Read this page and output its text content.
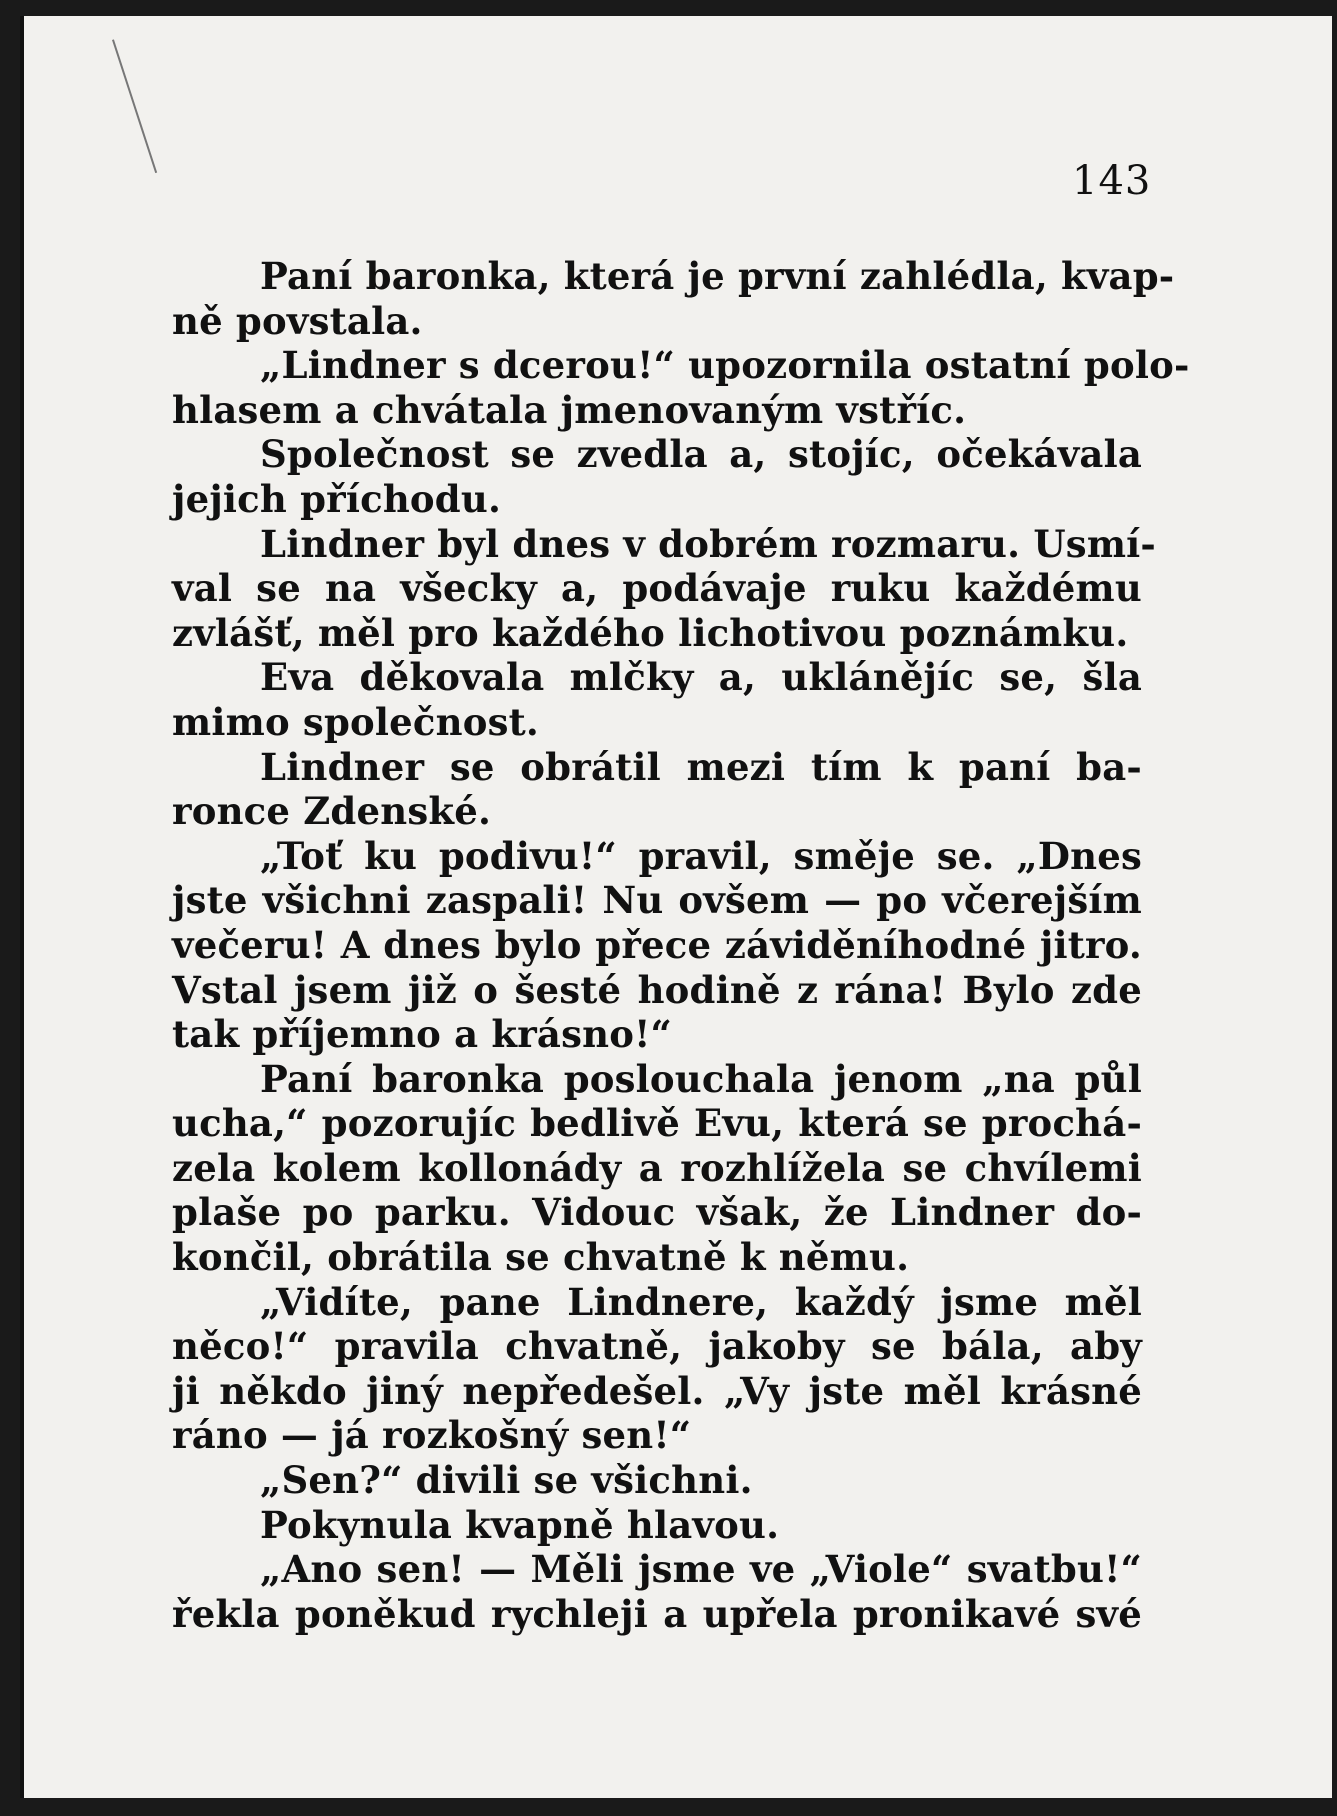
143
Paní baronka, která je první zahlédla, kvap-
ně povstala.
„Lindner s dcerou!“ upozornila ostatní polo-
hlasem a chvátala jmenovaným vstříc.
Společnost se zvedla a, stojíc, očekávala
jejich příchodu.
Lindner byl dnes v dobrém rozmaru. Usmí-
val se na všecky a, podávaje ruku každému
zvlášť, měl pro každého lichotivou poznámku.
Eva děkovala mlčky a, uklánějíc se, šla
mimo společnost.
Lindner se obrátil mezi tím k paní ba-
ronce Zdenské.
„Toť ku podivu!“ pravil, směje se. „Dnes
jste všichni zaspali! Nu ovšem — po včerejším
večeru! A dnes bylo přece záviděníhodné jitro.
Vstal jsem již o šesté hodině z rána! Bylo zde
tak příjemno a krásno!“
Paní baronka poslouchala jenom „na půl
ucha,“ pozorujíc bedlivě Evu, která se prochá-
zela kolem kollonády a rozhlížela se chvílemi
plaše po parku. Vidouc však, že Lindner do-
končil, obrátila se chvatně k němu.
„Vidíte, pane Lindnere, každý jsme měl
něco!“ pravila chvatně, jakoby se bála, aby
ji někdo jiný nepředešel. „Vy jste měl krásné
ráno — já rozkošný sen!“
„Sen?“ divili se všichni.
Pokynula kvapně hlavou.
„Ano sen! — Měli jsme ve „Viole“ svatbu!“
řekla poněkud rychleji a upřela pronikavé své
